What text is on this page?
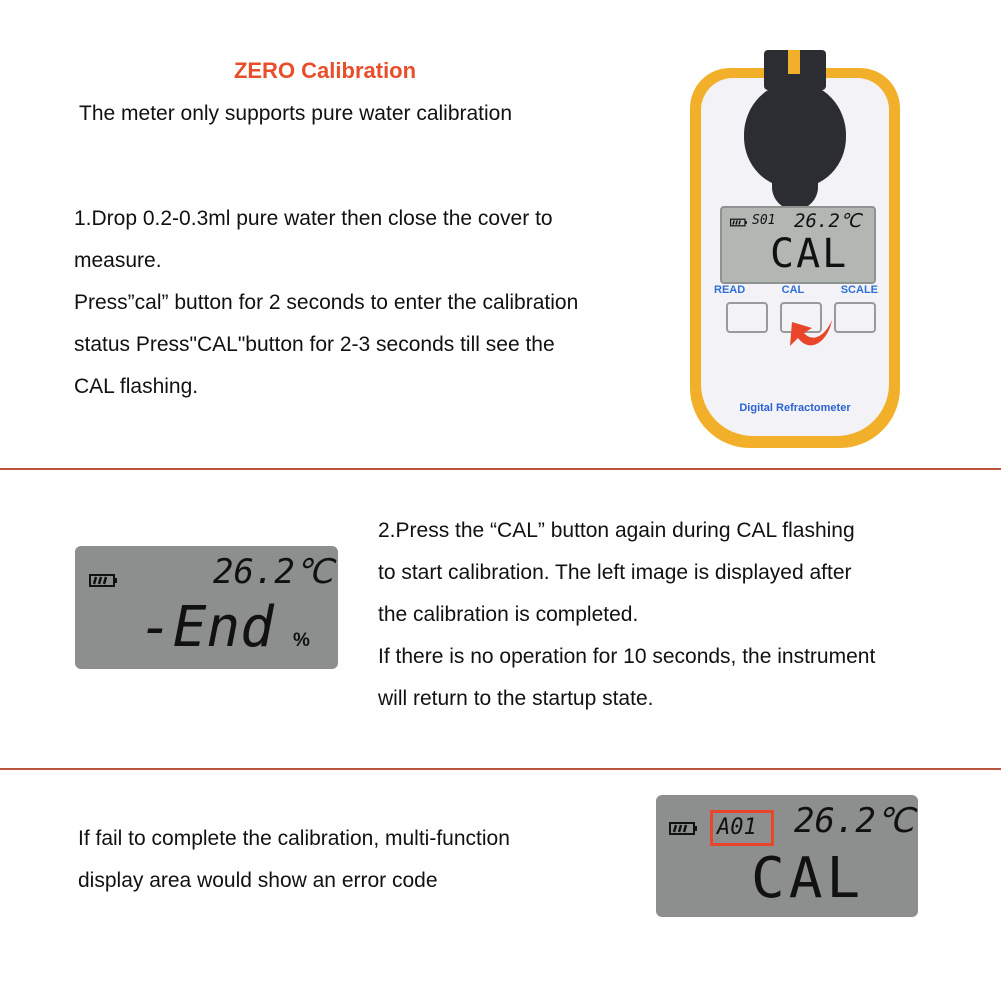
ZERO Calibration
The meter only supports pure water calibration
1.Drop 0.2-0.3ml pure water then close the cover to
measure.
Press”cal” button for 2 seconds to enter the calibration
status Press"CAL"button for 2-3 seconds till see the
CAL flashing.
S01 26.2℃
CAL
READ	CAL	SCALE
Digital Refractometer
26.2℃
-End %
2.Press the “CAL” button again during CAL flashing
to start calibration. The left image is displayed after
the calibration is completed.
If there is no operation for 10 seconds, the instrument
will return to the startup state.
If fail to complete the calibration, multi-function
display area would show an error code
A01 26.2℃
CAL
